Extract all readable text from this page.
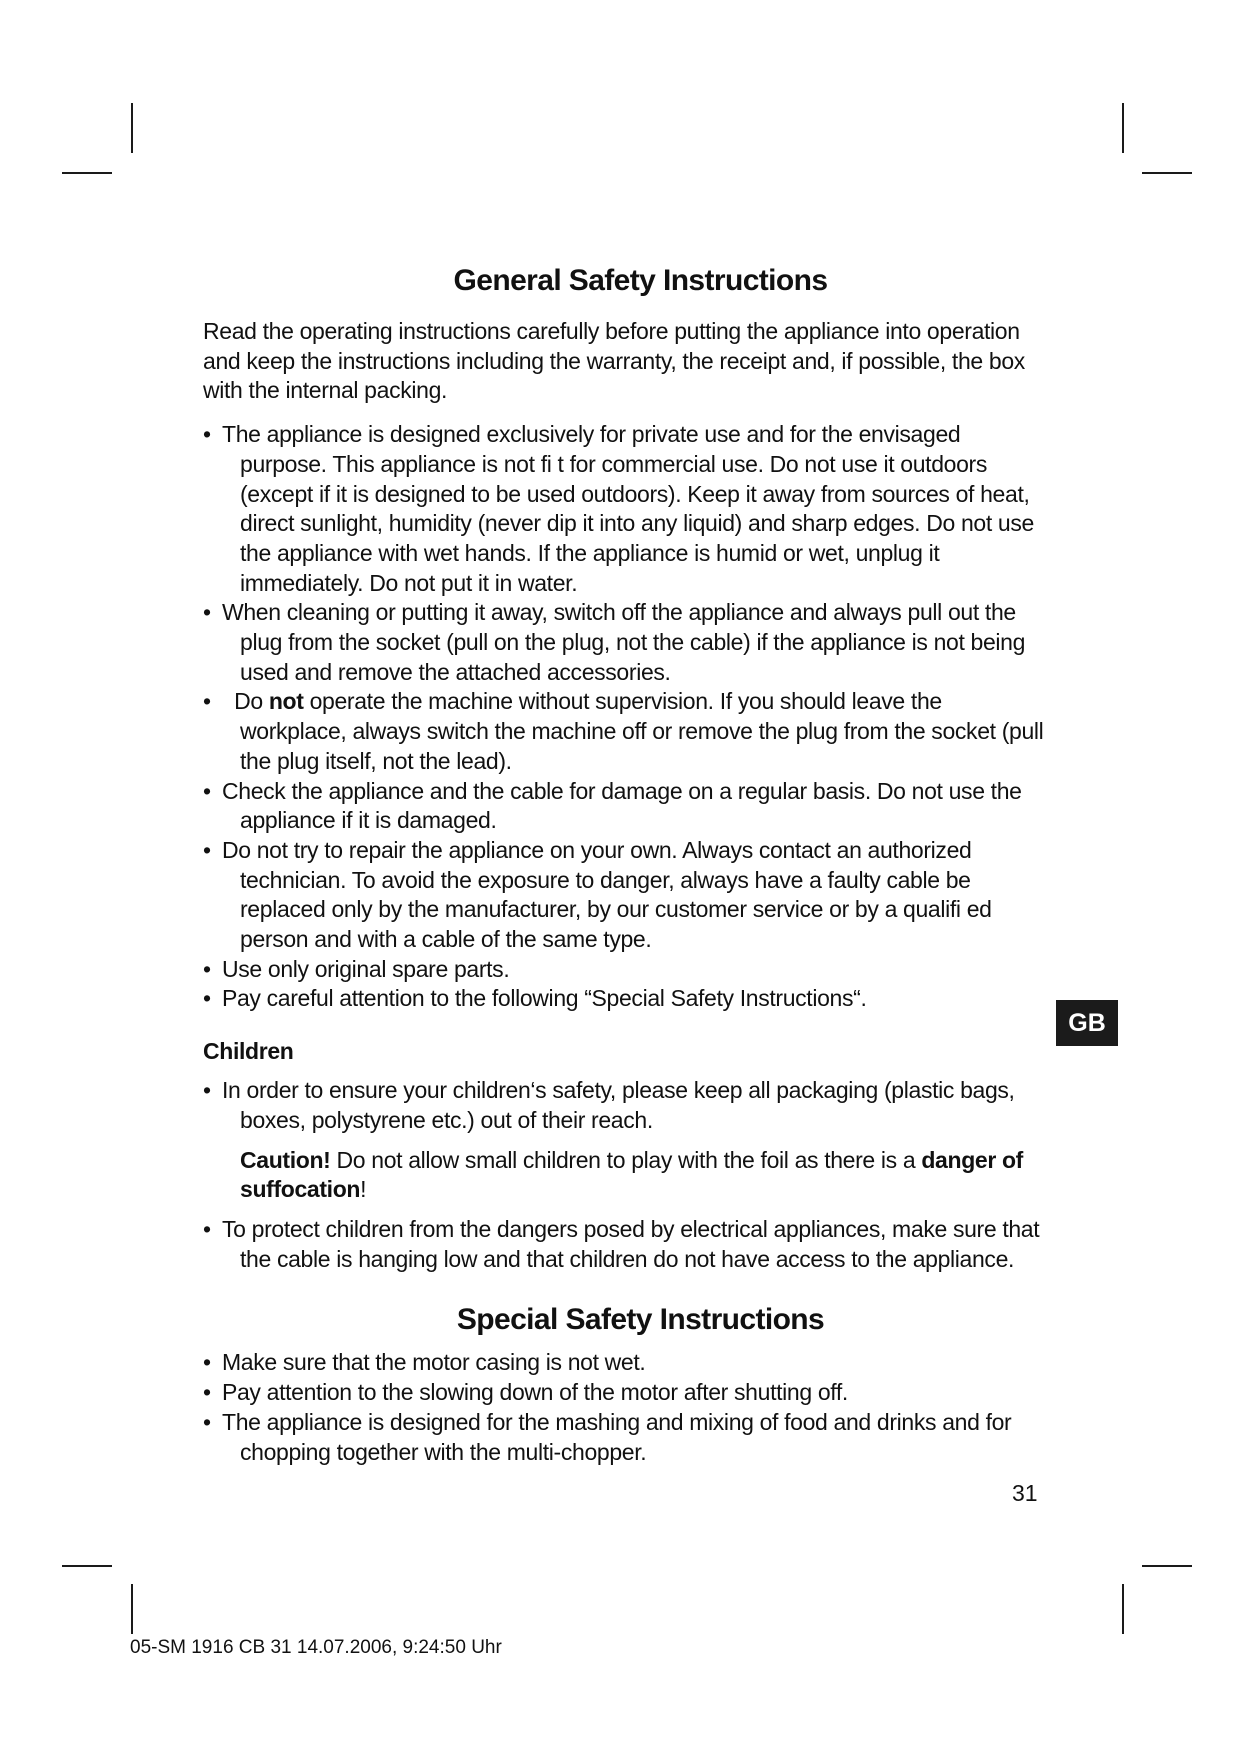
General Safety Instructions

Read the operating instructions carefully before putting the appliance into operation and keep the instructions including the warranty, the receipt and, if possible, the box with the internal packing.

• The appliance is designed exclusively for private use and for the envisaged purpose. This appliance is not fi t for commercial use. Do not use it outdoors (except if it is designed to be used outdoors). Keep it away from sources of heat, direct sunlight, humidity (never dip it into any liquid) and sharp edges. Do not use the appliance with wet hands. If the appliance is humid or wet, unplug it immediately. Do not put it in water.
• When cleaning or putting it away, switch off the appliance and always pull out the plug from the socket (pull on the plug, not the cable) if the appliance is not being used and remove the attached accessories.
• Do not operate the machine without supervision. If you should leave the workplace, always switch the machine off or remove the plug from the socket (pull the plug itself, not the lead).
• Check the appliance and the cable for damage on a regular basis. Do not use the appliance if it is damaged.
• Do not try to repair the appliance on your own. Always contact an authorized technician. To avoid the exposure to danger, always have a faulty cable be replaced only by the manufacturer, by our customer service or by a qualifi ed person and with a cable of the same type.
• Use only original spare parts.
• Pay careful attention to the following “Special Safety Instructions“.
Children
• In order to ensure your children‘s safety, please keep all packaging (plastic bags, boxes, polystyrene etc.) out of their reach.

Caution! Do not allow small children to play with the foil as there is a danger of suffocation!

• To protect children from the dangers posed by electrical appliances, make sure that the cable is hanging low and that children do not have access to the appliance.
Special Safety Instructions
• Make sure that the motor casing is not wet.
• Pay attention to the slowing down of the motor after shutting off.
• The appliance is designed for the mashing and mixing of food and drinks and for chopping together with the multi-chopper.
GB
31
05-SM 1916 CB 31 14.07.2006, 9:24:50 Uhr
